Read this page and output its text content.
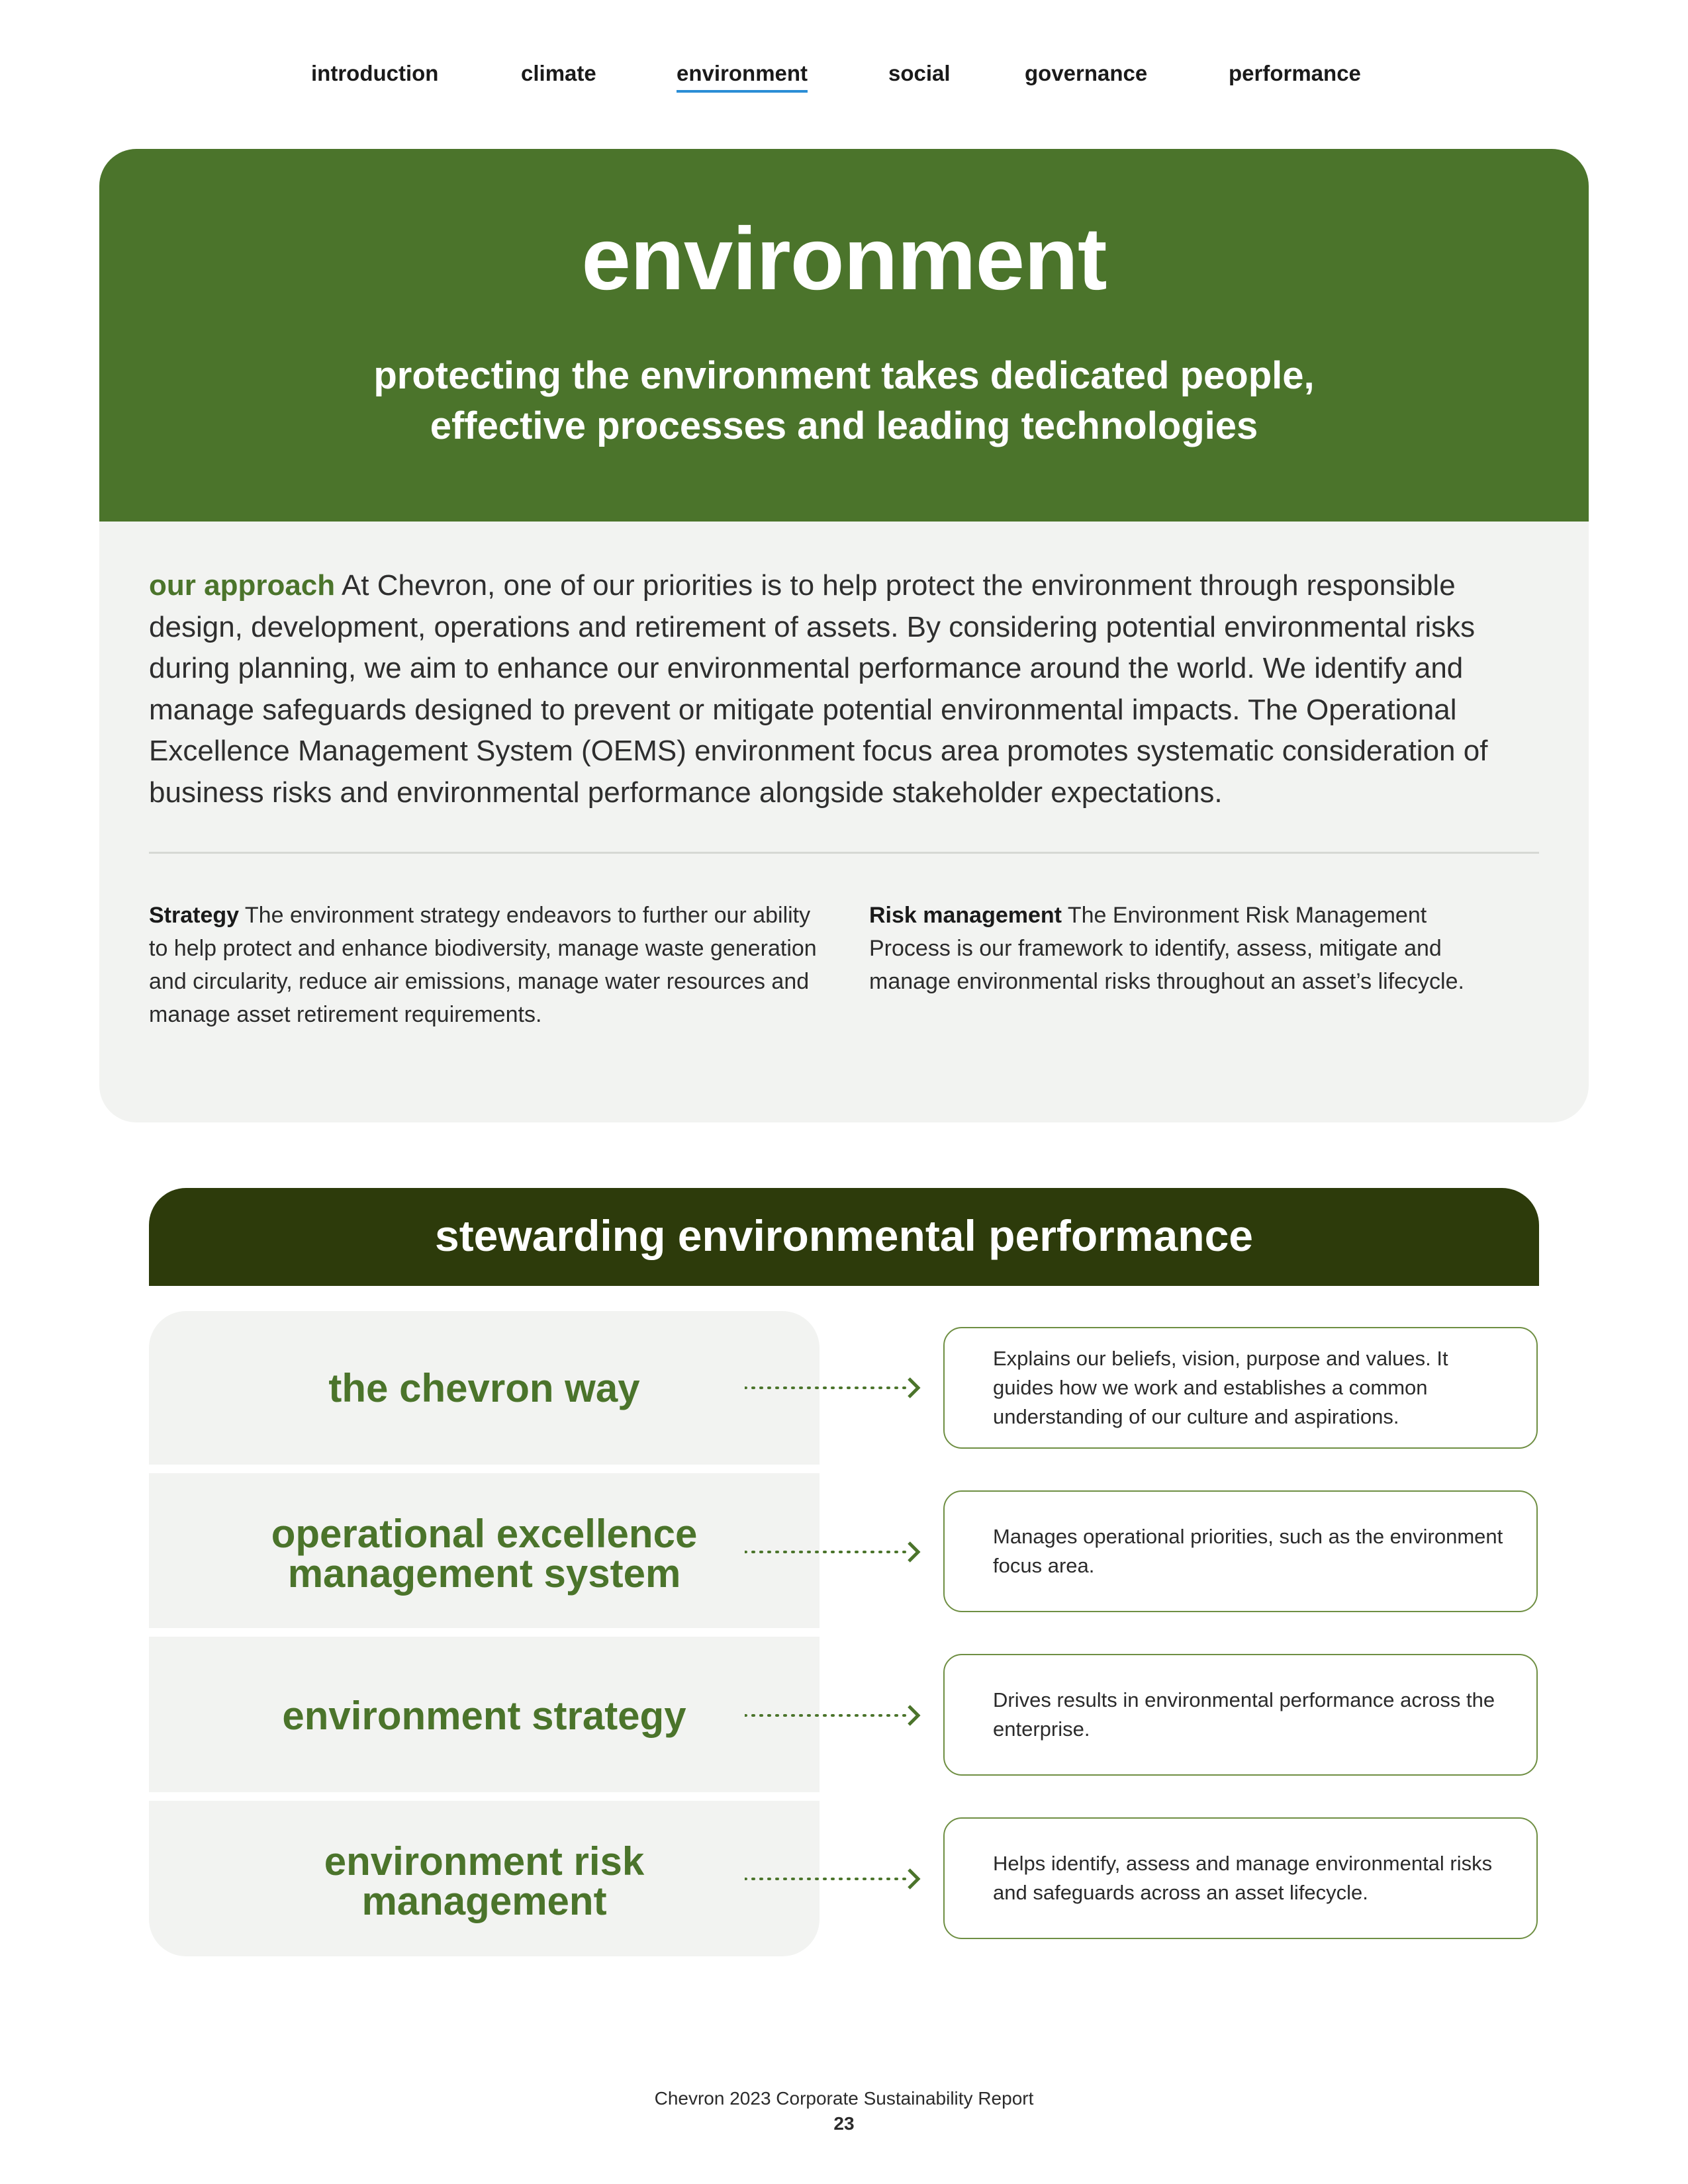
introduction	climate	environment	social	governance	performance
environment
protecting the environment takes dedicated people,
effective processes and leading technologies

our approach At Chevron, one of our priorities is to help protect the environment through responsible design, development, operations and retirement of assets. By considering potential environmental risks during planning, we aim to enhance our environmental performance around the world. We identify and manage safeguards designed to prevent or mitigate potential environmental impacts. The Operational Excellence Management System (OEMS) environment focus area promotes systematic consideration of business risks and environmental performance alongside stakeholder expectations.

Strategy The environment strategy endeavors to further our ability to help protect and enhance biodiversity, manage waste generation and circularity, reduce air emissions, manage water resources and manage asset retirement requirements.

Risk management The Environment Risk Management Process is our framework to identify, assess, mitigate and manage environmental risks throughout an asset’s lifecycle.

stewarding environmental performance
the chevron way
Explains our beliefs, vision, purpose and values. It guides how we work and establishes a common understanding of our culture and aspirations.
operational excellence
management system
Manages operational priorities, such as the environment focus area.
environment strategy	Drives results in environmental performance across the enterprise.
environment risk
management
Helps identify, assess and manage environmental risks and safeguards across an asset lifecycle.
Chevron 2023 Corporate Sustainability Report
23
